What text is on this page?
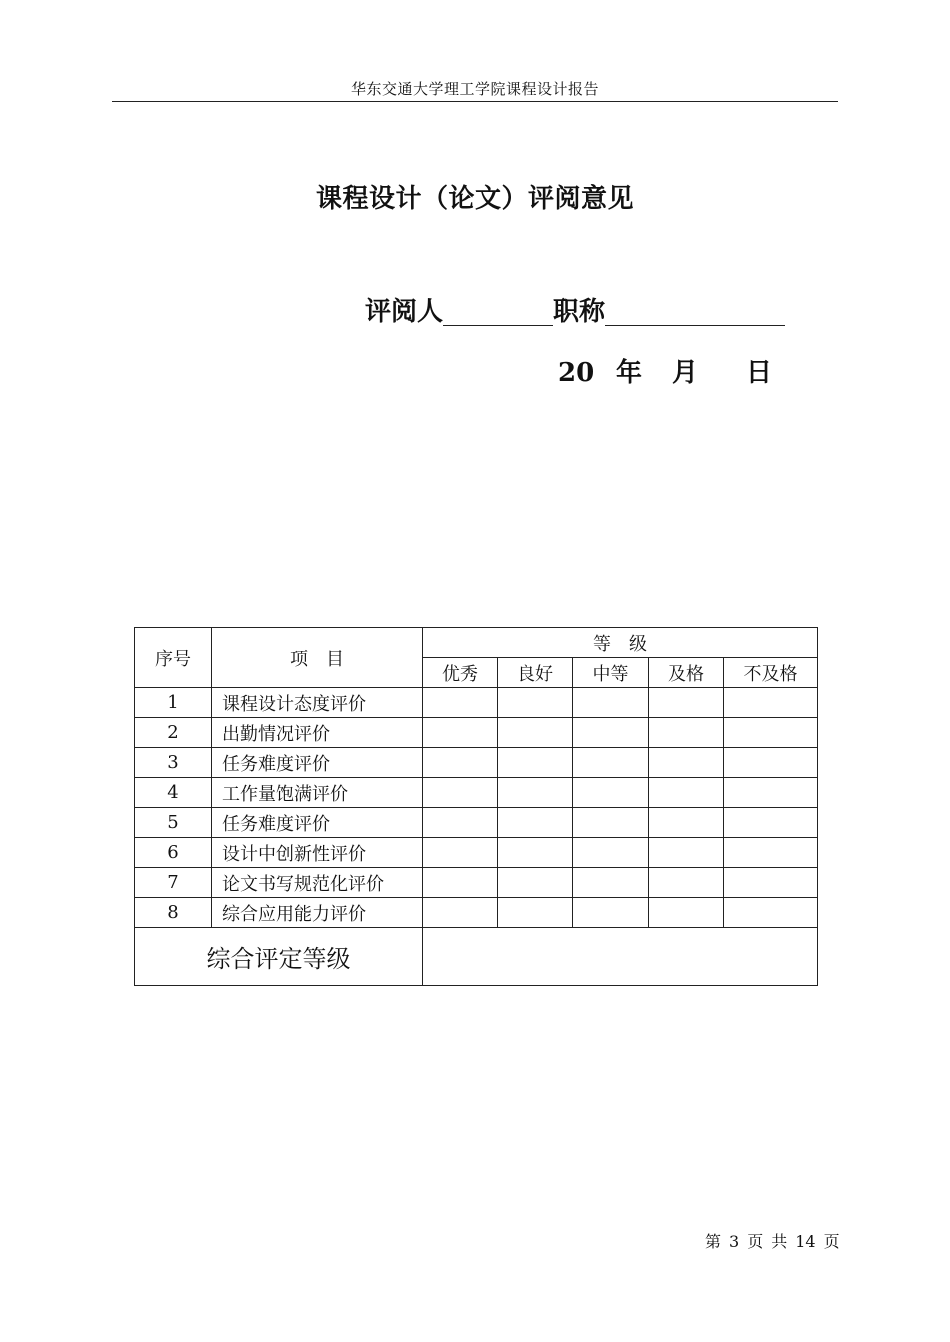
华东交通大学理工学院课程设计报告
课程设计（论文）评阅意见
评阅人	职称
20 年 月 日
序号	项　目	等　级				
		优秀	良好	中等	及格	不及格
1	课程设计态度评价					
2	出勤情况评价					
3	任务难度评价					
4	工作量饱满评价					
5	任务难度评价					
6	设计中创新性评价					
7	论文书写规范化评价					
8	综合应用能力评价					
综合评定等级						
第 3 页 共 14 页
